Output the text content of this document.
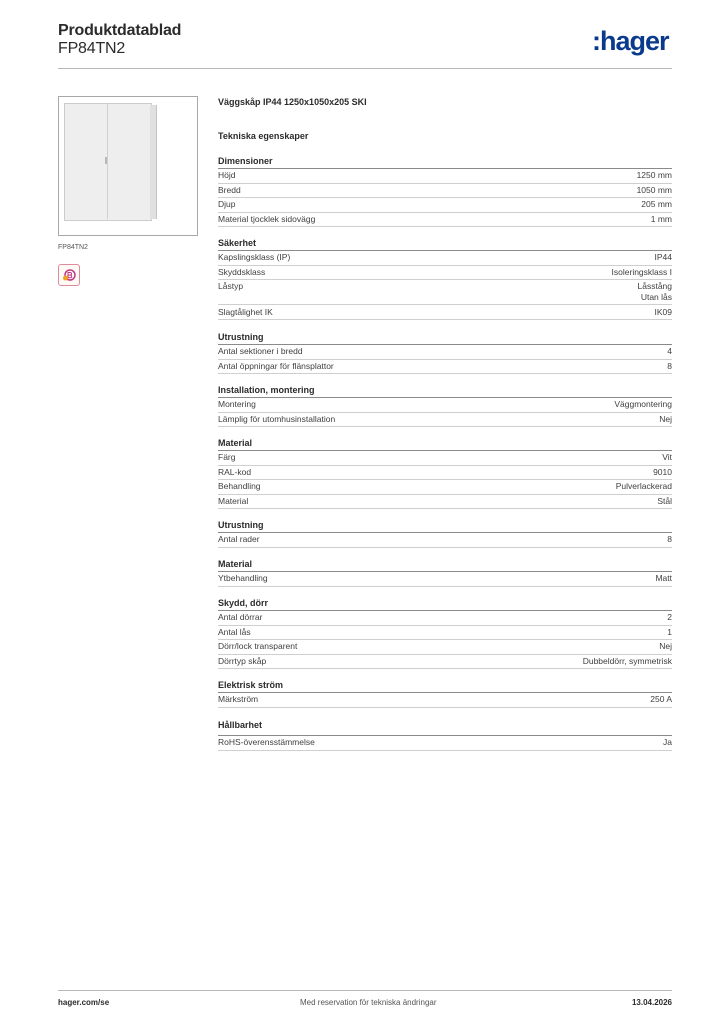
Produktdatablad
FP84TN2	:hager
FP84TN2
Väggskåp IP44 1250x1050x205 SKI
Tekniska egenskaper
Dimensioner
Höjd	1250 mm
Bredd	1050 mm
Djup	205 mm
Material tjocklek sidovägg	1 mm
Säkerhet
Kapslingsklass (IP)	IP44
Skyddsklass	Isoleringsklass I
Låstyp	Låsstång
Utan lås
Slagtålighet IK	IK09
Utrustning
Antal sektioner i bredd	4
Antal öppningar för flänsplattor	8
Installation, montering
Montering	Väggmontering
Lämplig för utomhusinstallation	Nej
Material
Färg	Vit
RAL-kod	9010
Behandling	Pulverlackerad
Material	Stål
Utrustning
Antal rader	8
Material
Ytbehandling	Matt
Skydd, dörr
Antal dörrar	2
Antal lås	1
Dörr/lock transparent	Nej
Dörrtyp skåp	Dubbeldörr, symmetrisk
Elektrisk ström
Märkström	250 A
Hållbarhet
RoHS-överensstämmelse	Ja
hager.com/se	Med reservation för tekniska ändringar	13.04.2026
